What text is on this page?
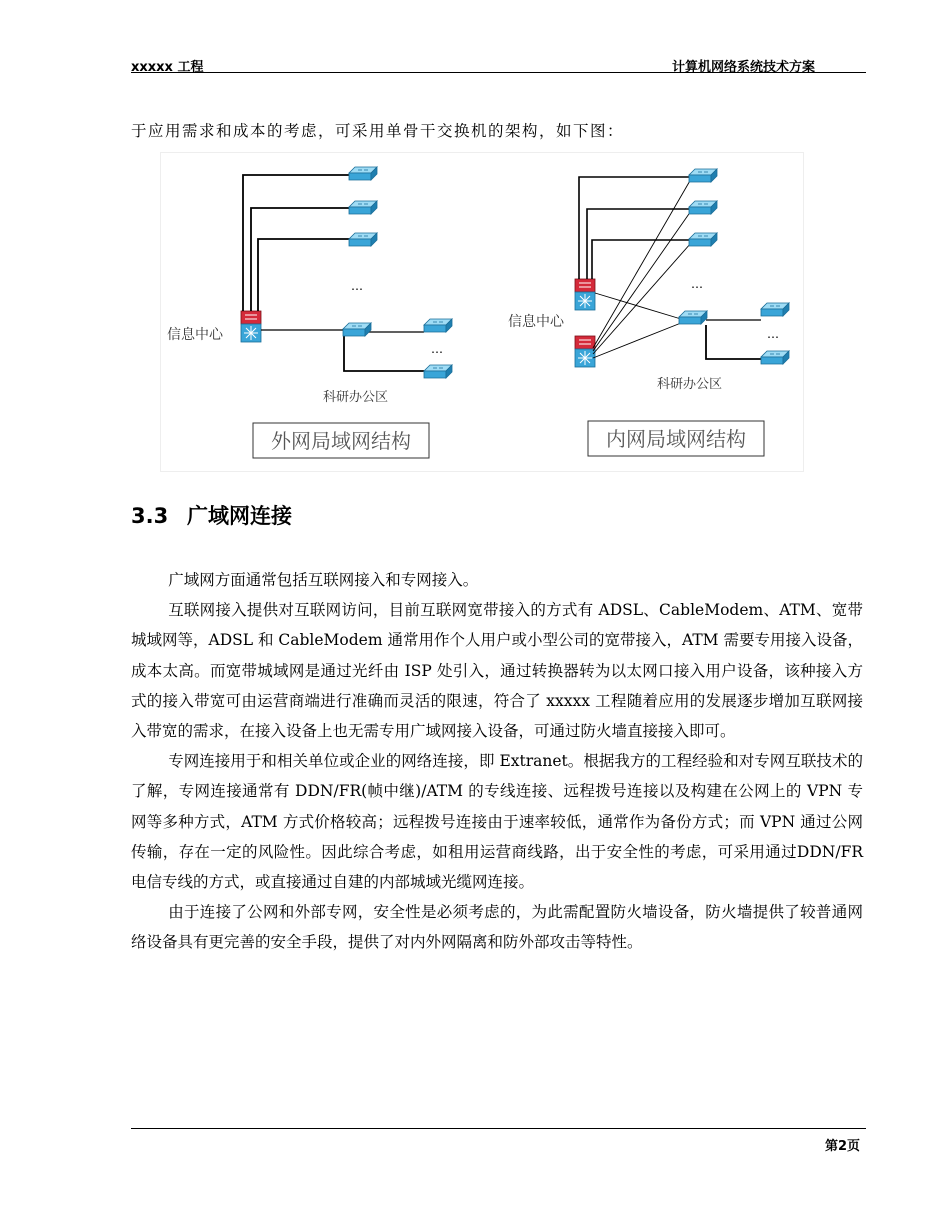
xxxxx 工程	计算机网络系统技术方案
于应用需求和成本的考虑，可采用单骨干交换机的架构，如下图：
…
…
信息中心
科研办公区
外网局域网结构
…
…
信息中心
科研办公区
内网局域网结构
3.3 广域网连接

广域网方面通常包括互联网接入和专网接入。

互联网接入提供对互联网访问，目前互联网宽带接入的方式有 ADSL、CableModem、ATM、宽带城域网等，ADSL 和 CableModem 通常用作个人用户或小型公司的宽带接入，ATM 需要专用接入设备，成本太高。而宽带城域网是通过光纤由 ISP 处引入，通过转换器转为以太网口接入用户设备，该种接入方式的接入带宽可由运营商端进行准确而灵活的限速，符合了 xxxxx 工程随着应用的发展逐步增加互联网接入带宽的需求，在接入设备上也无需专用广域网接入设备，可通过防火墙直接接入即可。

专网连接用于和相关单位或企业的网络连接，即 Extranet。根据我方的工程经验和对专网互联技术的了解，专网连接通常有 DDN/FR(帧中继)/ATM 的专线连接、远程拨号连接以及构建在公网上的 VPN 专网等多种方式，ATM 方式价格较高；远程拨号连接由于速率较低，通常作为备份方式；而 VPN 通过公网传输，存在一定的风险性。因此综合考虑，如租用运营商线路，出于安全性的考虑，可采用通过DDN/FR 电信专线的方式，或直接通过自建的内部城域光缆网连接。

由于连接了公网和外部专网，安全性是必须考虑的，为此需配置防火墙设备，防火墙提供了较普通网络设备具有更完善的安全手段，提供了对内外网隔离和防外部攻击等特性。

第2页
